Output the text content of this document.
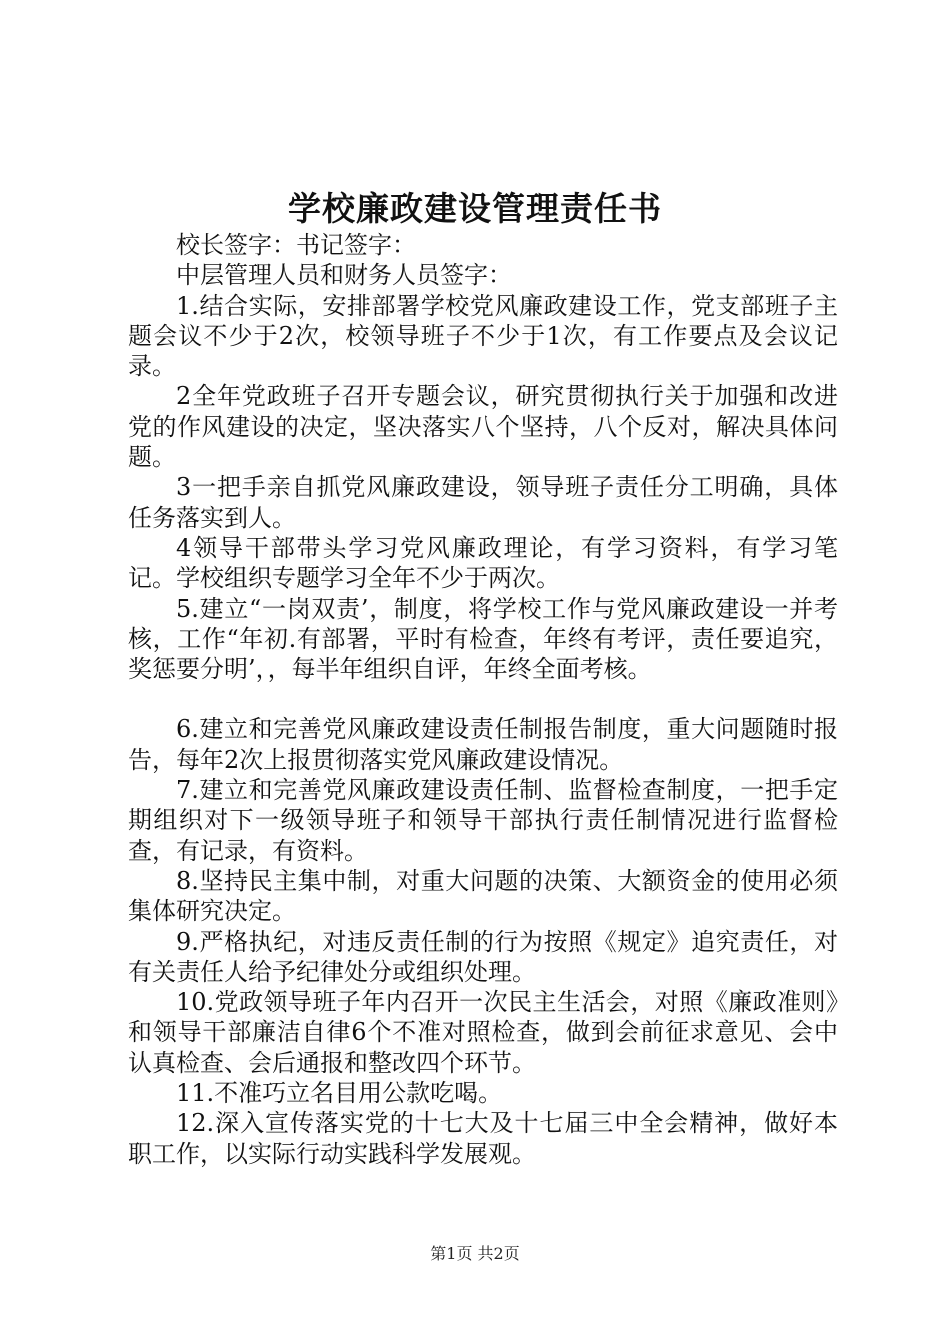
学校廉政建设管理责任书

校长签字：书记签字：

中层管理人员和财务人员签字：

1.结合实际，安排部署学校党风廉政建设工作，党支部班子主题会议不少于2次，校领导班子不少于1次，有工作要点及会议记录。

2全年党政班子召开专题会议，研究贯彻执行关于加强和改进党的作风建设的决定，坚决落实八个坚持，八个反对，解决具体问题。

3一把手亲自抓党风廉政建设，领导班子责任分工明确，具体任务落实到人。

4领导干部带头学习党风廉政理论，有学习资料，有学习笔记。学校组织专题学习全年不少于两次。

5.建立“一岗双责’，制度，将学校工作与党风廉政建设一并考核，工作“年初.有部署，平时有检查，年终有考评，责任要追究，奖惩要分明’，，每半年组织自评，年终全面考核。

6.建立和完善党风廉政建设责任制报告制度，重大问题随时报告，每年2次上报贯彻落实党风廉政建设情况。

7.建立和完善党风廉政建设责任制、监督检查制度，一把手定期组织对下一级领导班子和领导干部执行责任制情况进行监督检查，有记录，有资料。

8.坚持民主集中制，对重大问题的决策、大额资金的使用必须集体研究决定。

9.严格执纪，对违反责任制的行为按照《规定》追究责任，对有关责任人给予纪律处分或组织处理。

10.党政领导班子年内召开一次民主生活会，对照《廉政准则》和领导干部廉洁自律6个不准对照检查，做到会前征求意见、会中认真检查、会后通报和整改四个环节。

11.不准巧立名目用公款吃喝。

12.深入宣传落实党的十七大及十七届三中全会精神，做好本职工作，以实际行动实践科学发展观。

第1页 共2页
